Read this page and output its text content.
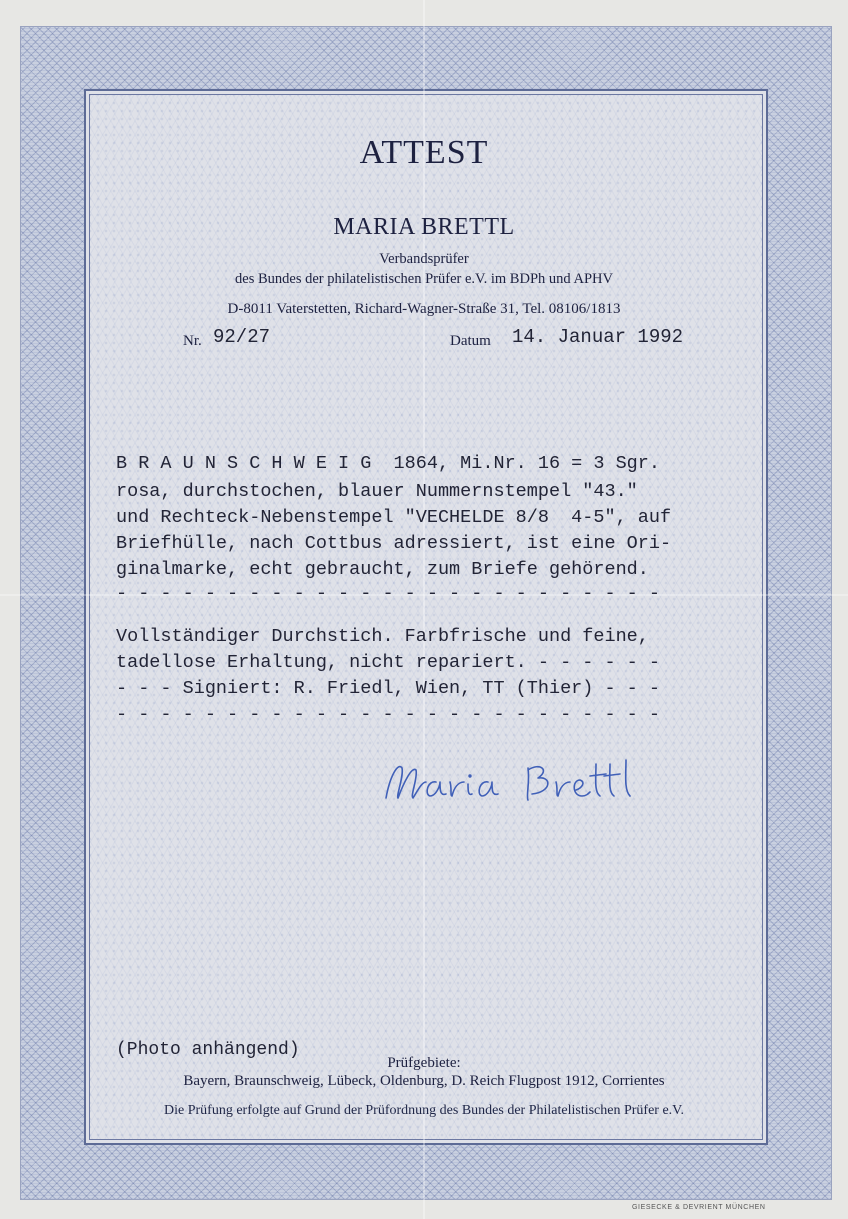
ATTEST
MARIA BRETTL
Verbandsprüfer
des Bundes der philatelistischen Prüfer e.V. im BDPh und APHV
D-8011 Vaterstetten, Richard-Wagner-Straße 31, Tel. 08106/1813
Nr. 92/27	Datum 14. Januar 1992
B R A U N S C H W E I G  1864, Mi.Nr. 16 = 3 Sgr.
rosa, durchstochen, blauer Nummernstempel "43."
und Rechteck-Nebenstempel "VECHELDE 8/8  4-5", auf
Briefhülle, nach Cottbus adressiert, ist eine Ori-
ginalmarke, echt gebraucht, zum Briefe gehörend.
- - - - - - - - - - - - - - - - - - - - - - - - -
Vollständiger Durchstich. Farbfrische und feine,
tadellose Erhaltung, nicht repariert. - - - - - -
- - - Signiert: R. Friedl, Wien, TT (Thier) - - -
- - - - - - - - - - - - - - - - - - - - - - - - -
(Photo anhängend)
Prüfgebiete:
Bayern, Braunschweig, Lübeck, Oldenburg, D. Reich Flugpost 1912, Corrientes
Die Prüfung erfolgte auf Grund der Prüfordnung des Bundes der Philatelistischen Prüfer e.V.
GIESECKE & DEVRIENT MÜNCHEN
